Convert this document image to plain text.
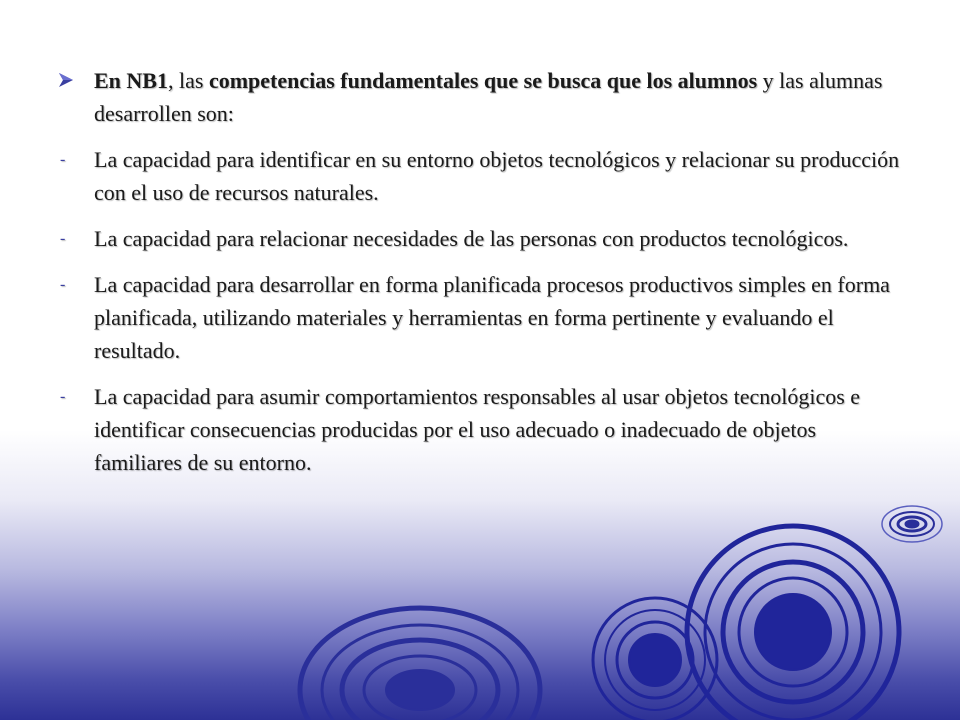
En NB1, las competencias fundamentales que se busca que los alumnos y las alumnas desarrollen son:
-	La capacidad para identificar en su entorno objetos tecnológicos y relacionar su producción con el uso de recursos naturales.
-	La capacidad para relacionar necesidades de las personas con productos tecnológicos.
-	La capacidad para desarrollar en forma planificada procesos productivos simples en forma planificada, utilizando materiales y herramientas en forma pertinente y evaluando el resultado.
-	La capacidad para asumir comportamientos responsables al usar objetos tecnológicos e identificar consecuencias producidas por el uso adecuado o inadecuado de objetos familiares de su entorno.
